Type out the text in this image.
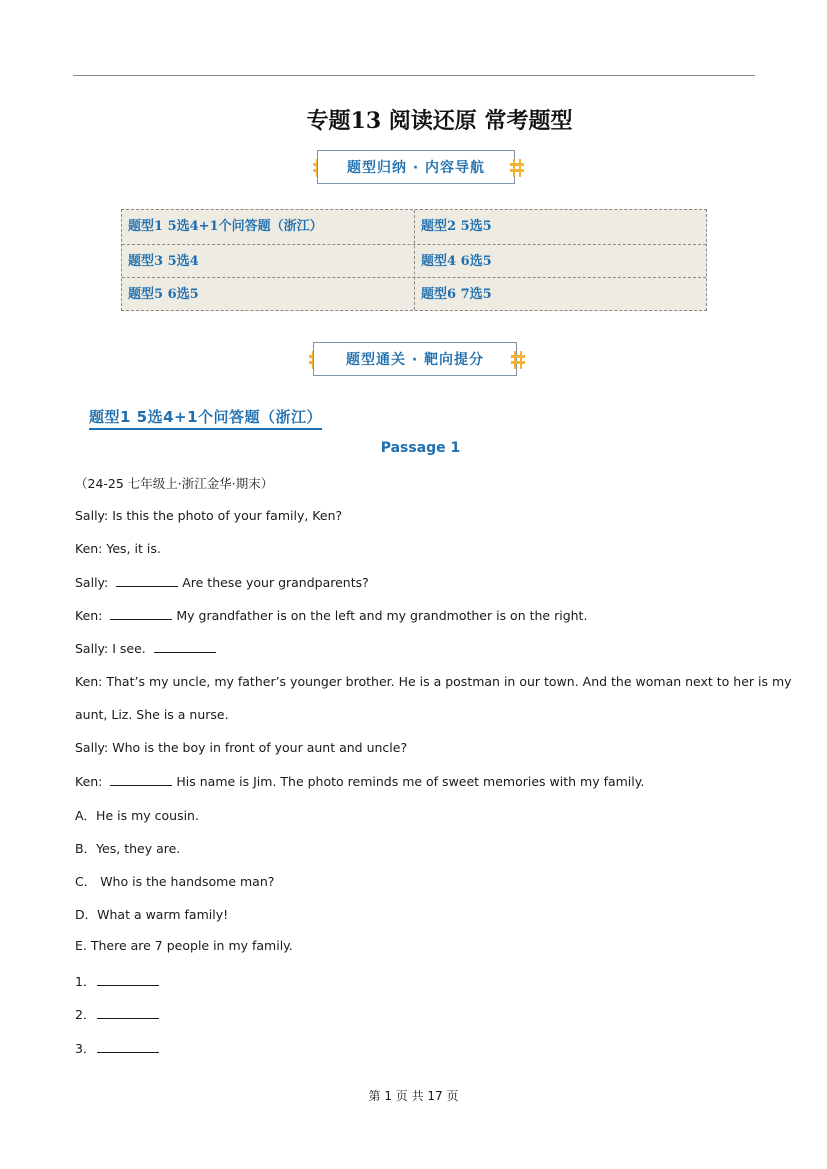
专题13 阅读还原 常考题型
题型归纳 · 内容导航
题型1 5选4+1个问答题（浙江）	题型2 5选5
题型3 5选4	题型4 6选5
题型5 6选5	题型6 7选5
题型通关 · 靶向提分
题型1 5选4+1个问答题（浙江）
Passage 1
（24-25 七年级上·浙江金华·期末）
Sally: Is this the photo of your family, Ken?
Ken: Yes, it is.
Sally:	Are these your grandparents?
Ken:	My grandfather is on the left and my grandmother is on the right.
Sally: I see.
Ken: That’s my uncle, my father’s younger brother. He is a postman in our town. And the woman next to her is my
aunt, Liz. She is a nurse.
Sally: Who is the boy in front of your aunt and uncle?
Ken:	His name is Jim. The photo reminds me of sweet memories with my family.
A．He is my cousin.
B．Yes, they are.
C． Who is the handsome man?
D．What a warm family!
E. There are 7 people in my family.
1．
2．
3．
第 1 页 共 17 页
